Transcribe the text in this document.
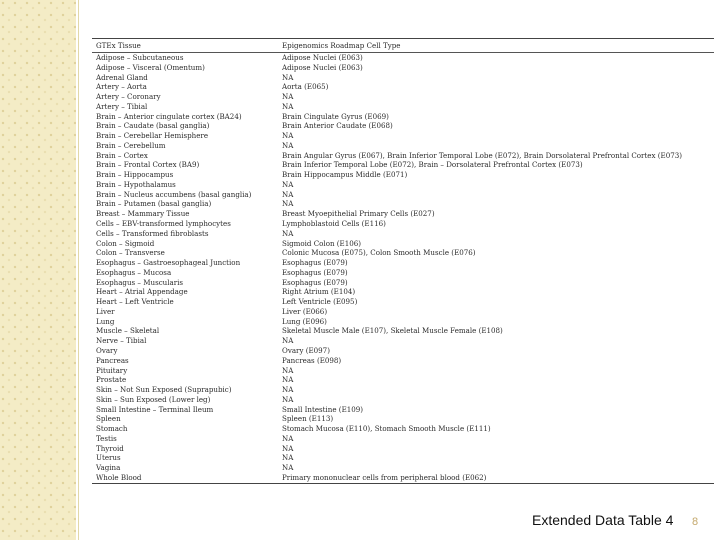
GTEx Tissue	Epigenomics Roadmap Cell Type
Adipose – Subcutaneous	Adipose Nuclei (E063)
Adipose – Visceral (Omentum)	Adipose Nuclei (E063)
Adrenal Gland	NA
Artery – Aorta	Aorta (E065)
Artery – Coronary	NA
Artery – Tibial	NA
Brain – Anterior cingulate cortex (BA24)	Brain Cingulate Gyrus (E069)
Brain – Caudate (basal ganglia)	Brain Anterior Caudate (E068)
Brain – Cerebellar Hemisphere	NA
Brain – Cerebellum	NA
Brain – Cortex	Brain Angular Gyrus (E067), Brain Inferior Temporal Lobe (E072), Brain Dorsolateral Prefrontal Cortex (E073)
Brain – Frontal Cortex (BA9)	Brain Inferior Temporal Lobe (E072), Brain – Dorsolateral Prefrontal Cortex (E073)
Brain – Hippocampus	Brain Hippocampus Middle (E071)
Brain – Hypothalamus	NA
Brain – Nucleus accumbens (basal ganglia)	NA
Brain – Putamen (basal ganglia)	NA
Breast – Mammary Tissue	Breast Myoepithelial Primary Cells (E027)
Cells – EBV-transformed lymphocytes	Lymphoblastoid Cells (E116)
Cells – Transformed fibroblasts	NA
Colon – Sigmoid	Sigmoid Colon (E106)
Colon – Transverse	Colonic Mucosa (E075), Colon Smooth Muscle (E076)
Esophagus – Gastroesophageal Junction	Esophagus (E079)
Esophagus – Mucosa	Esophagus (E079)
Esophagus – Muscularis	Esophagus (E079)
Heart – Atrial Appendage	Right Atrium (E104)
Heart – Left Ventricle	Left Ventricle (E095)
Liver	Liver (E066)
Lung	Lung (E096)
Muscle – Skeletal	Skeletal Muscle Male (E107), Skeletal Muscle Female (E108)
Nerve – Tibial	NA
Ovary	Ovary (E097)
Pancreas	Pancreas (E098)
Pituitary	NA
Prostate	NA
Skin – Not Sun Exposed (Suprapubic)	NA
Skin – Sun Exposed (Lower leg)	NA
Small Intestine – Terminal Ileum	Small Intestine (E109)
Spleen	Spleen (E113)
Stomach	Stomach Mucosa (E110), Stomach Smooth Muscle (E111)
Testis	NA
Thyroid	NA
Uterus	NA
Vagina	NA
Whole Blood	Primary mononuclear cells from peripheral blood (E062)
Extended Data Table 4	8
